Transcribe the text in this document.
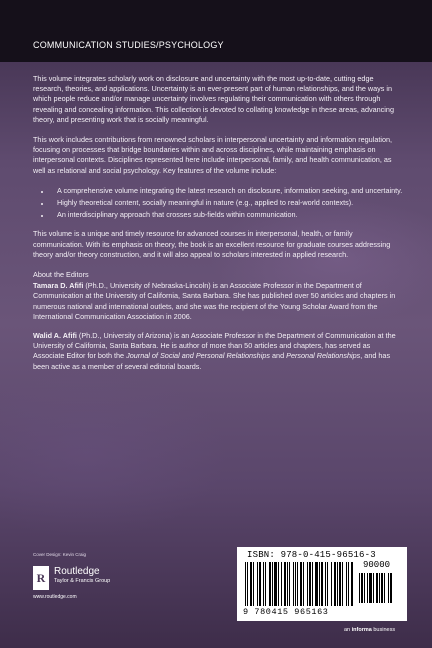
COMMUNICATION STUDIES/PSYCHOLOGY

This volume integrates scholarly work on disclosure and uncertainty with the most up-to-date, cutting edge research, theories, and applications. Uncertainty is an ever-present part of human relationships, and the ways in which people reduce and/or manage uncertainty involves regulating their communication with others through revealing and concealing information. This collection is devoted to collating knowledge in these areas, advancing theory, and presenting work that is socially meaningful.

This work includes contributions from renowned scholars in interpersonal uncertainty and information regulation, focusing on processes that bridge boundaries within and across disciplines, while maintaining emphasis on interpersonal contexts. Disciplines represented here include interpersonal, family, and health communication, as well as relational and social psychology. Key features of the volume include:

• A comprehensive volume integrating the latest research on disclosure, information seeking, and uncertainty.
• Highly theoretical content, socially meaningful in nature (e.g., applied to real-world contexts).
• An interdisciplinary approach that crosses sub-fields within communication.

This volume is a unique and timely resource for advanced courses in interpersonal, health, or family communication. With its emphasis on theory, the book is an excellent resource for graduate courses addressing theory and/or theory construction, and it will also appeal to scholars interested in applied research.

About the Editors

Tamara D. Afifi (Ph.D., University of Nebraska-Lincoln) is an Associate Professor in the Department of Communication at the University of California, Santa Barbara. She has published over 50 articles and chapters in numerous national and international outlets, and she was the recipient of the Young Scholar Award from the International Communication Association in 2006.

Walid A. Afifi (Ph.D., University of Arizona) is an Associate Professor in the Department of Communication at the University of California, Santa Barbara. He is author of more than 50 articles and chapters, has served as Associate Editor for both the Journal of Social and Personal Relationships and Personal Relationships, and has been active as a member of several editorial boards.

Cover Design: Kevin Craig
R Routledge
Taylor & Francis Group
www.routledge.com
ISBN: 978-0-415-96516-3
90000
9 780415 965163
an informa business
